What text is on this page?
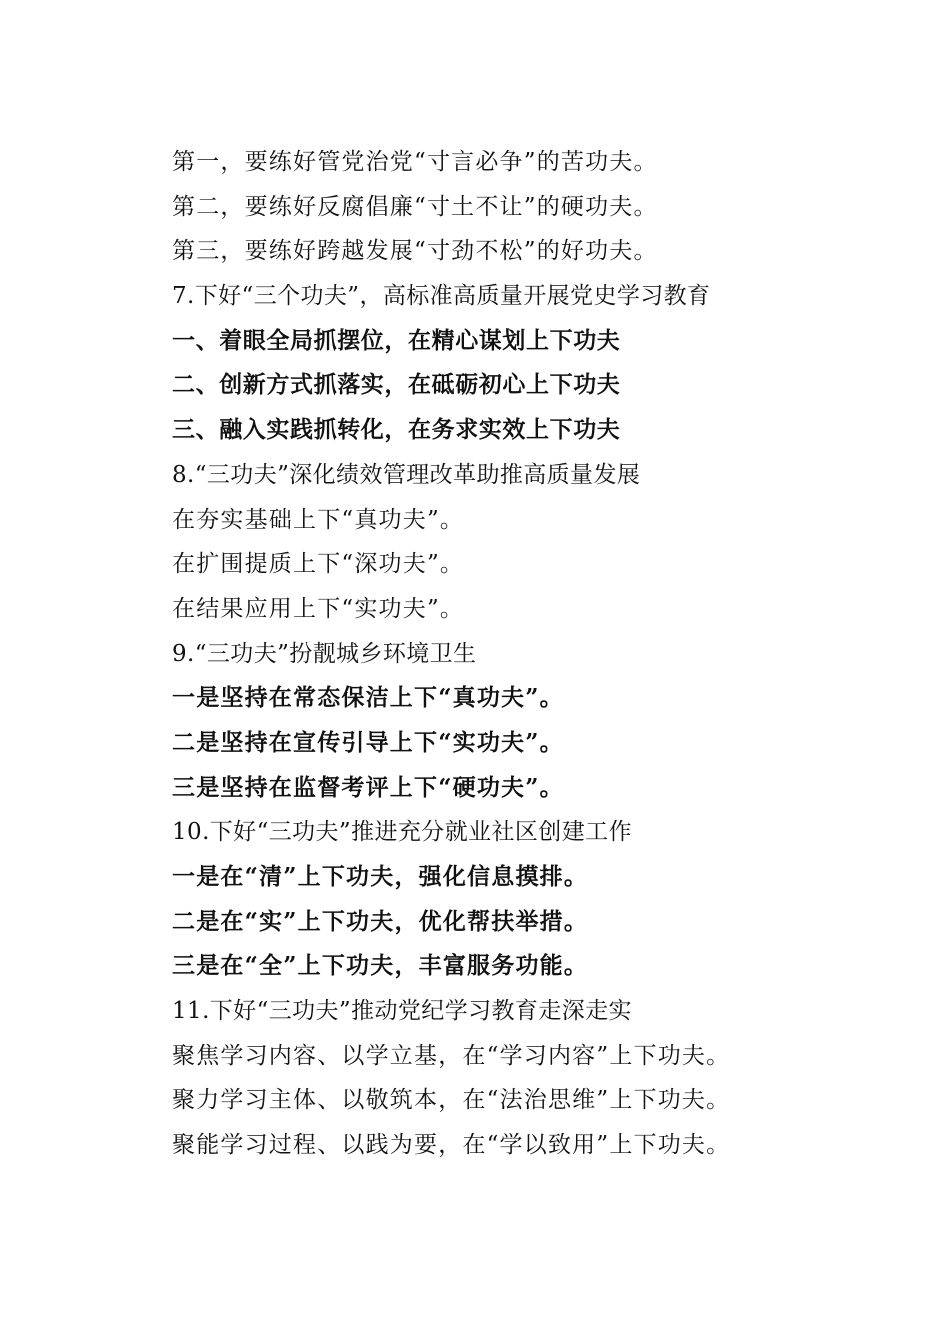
第一，要练好管党治党“寸言必争”的苦功夫。
第二，要练好反腐倡廉“寸土不让”的硬功夫。
第三，要练好跨越发展“寸劲不松”的好功夫。
7.下好“三个功夫”，高标准高质量开展党史学习教育
一、着眼全局抓摆位，在精心谋划上下功夫
二、创新方式抓落实，在砥砺初心上下功夫
三、融入实践抓转化，在务求实效上下功夫
8.“三功夫”深化绩效管理改革助推高质量发展
在夯实基础上下“真功夫”。
在扩围提质上下“深功夫”。
在结果应用上下“实功夫”。
9.“三功夫”扮靓城乡环境卫生
一是坚持在常态保洁上下“真功夫”。
二是坚持在宣传引导上下“实功夫”。
三是坚持在监督考评上下“硬功夫”。
10.下好“三功夫”推进充分就业社区创建工作
一是在“清”上下功夫，强化信息摸排。
二是在“实”上下功夫，优化帮扶举措。
三是在“全”上下功夫，丰富服务功能。
11.下好“三功夫”推动党纪学习教育走深走实
聚焦学习内容、以学立基，在“学习内容”上下功夫。
聚力学习主体、以敬筑本，在“法治思维”上下功夫。
聚能学习过程、以践为要，在“学以致用”上下功夫。
